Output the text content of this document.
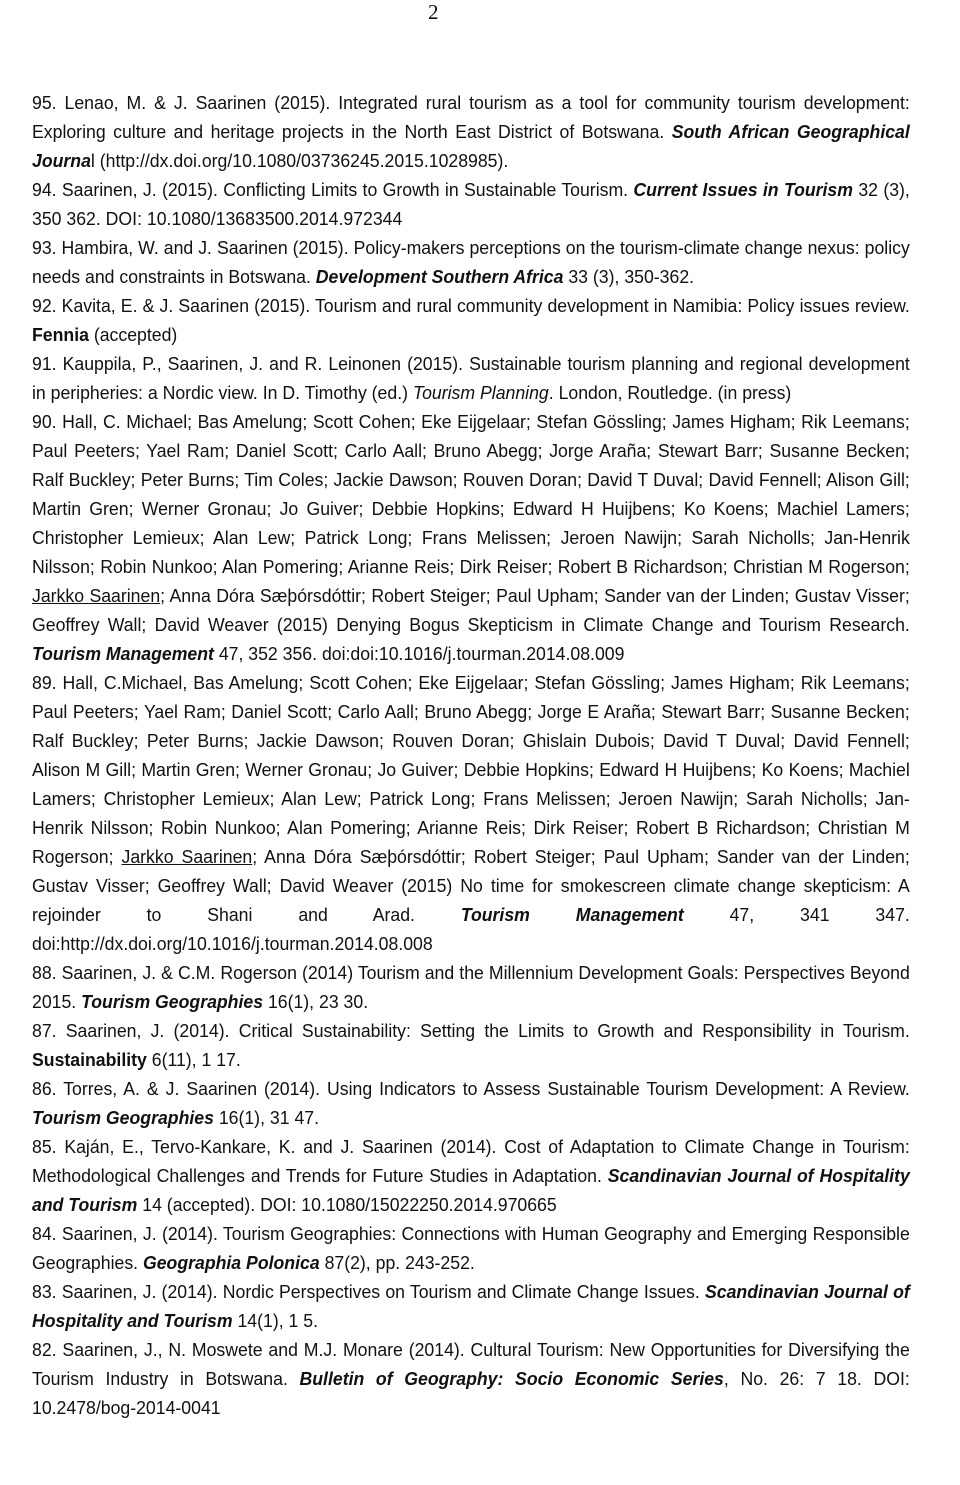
2
95. Lenao, M. & J. Saarinen (2015). Integrated rural tourism as a tool for community tourism development: Exploring culture and heritage projects in the North East District of Botswana. South African Geographical Journal (http://dx.doi.org/10.1080/03736245.2015.1028985).
94. Saarinen, J. (2015). Conflicting Limits to Growth in Sustainable Tourism. Current Issues in Tourism 32 (3), 350 362. DOI: 10.1080/13683500.2014.972344
93. Hambira, W. and J. Saarinen (2015). Policy-makers perceptions on the tourism-climate change nexus: policy needs and constraints in Botswana. Development Southern Africa 33 (3), 350-362.
92. Kavita, E. & J. Saarinen (2015). Tourism and rural community development in Namibia: Policy issues review. Fennia (accepted)
91. Kauppila, P., Saarinen, J. and R. Leinonen (2015). Sustainable tourism planning and regional development in peripheries: a Nordic view. In D. Timothy (ed.) Tourism Planning. London, Routledge. (in press)
90. Hall, C. Michael; Bas Amelung; Scott Cohen; Eke Eijgelaar; Stefan Gössling; James Higham; Rik Leemans; Paul Peeters; Yael Ram; Daniel Scott; Carlo Aall; Bruno Abegg; Jorge Araña; Stewart Barr; Susanne Becken; Ralf Buckley; Peter Burns; Tim Coles; Jackie Dawson; Rouven Doran; David T Duval; David Fennell; Alison Gill; Martin Gren; Werner Gronau; Jo Guiver; Debbie Hopkins; Edward H Huijbens; Ko Koens; Machiel Lamers; Christopher Lemieux; Alan Lew; Patrick Long; Frans Melissen; Jeroen Nawijn; Sarah Nicholls; Jan-Henrik Nilsson; Robin Nunkoo; Alan Pomering; Arianne Reis; Dirk Reiser; Robert B Richardson; Christian M Rogerson; Jarkko Saarinen; Anna Dóra Sæþórsdóttir; Robert Steiger; Paul Upham; Sander van der Linden; Gustav Visser; Geoffrey Wall; David Weaver (2015) Denying Bogus Skepticism in Climate Change and Tourism Research. Tourism Management 47, 352 356. doi:doi:10.1016/j.tourman.2014.08.009
89. Hall, C.Michael, Bas Amelung; Scott Cohen; Eke Eijgelaar; Stefan Gössling; James Higham; Rik Leemans; Paul Peeters; Yael Ram; Daniel Scott; Carlo Aall; Bruno Abegg; Jorge E Araña; Stewart Barr; Susanne Becken; Ralf Buckley; Peter Burns; Jackie Dawson; Rouven Doran; Ghislain Dubois; David T Duval; David Fennell; Alison M Gill; Martin Gren; Werner Gronau; Jo Guiver; Debbie Hopkins; Edward H Huijbens; Ko Koens; Machiel Lamers; Christopher Lemieux; Alan Lew; Patrick Long; Frans Melissen; Jeroen Nawijn; Sarah Nicholls; Jan-Henrik Nilsson; Robin Nunkoo; Alan Pomering; Arianne Reis; Dirk Reiser; Robert B Richardson; Christian M Rogerson; Jarkko Saarinen; Anna Dóra Sæþórsdóttir; Robert Steiger; Paul Upham; Sander van der Linden; Gustav Visser; Geoffrey Wall; David Weaver (2015) No time for smokescreen climate change skepticism: A rejoinder to Shani and Arad. Tourism Management 47, 341 347. doi:http://dx.doi.org/10.1016/j.tourman.2014.08.008
88. Saarinen, J. & C.M. Rogerson (2014) Tourism and the Millennium Development Goals: Perspectives Beyond 2015. Tourism Geographies 16(1), 23 30.
87. Saarinen, J. (2014). Critical Sustainability: Setting the Limits to Growth and Responsibility in Tourism. Sustainability 6(11), 1 17.
86. Torres, A. & J. Saarinen (2014). Using Indicators to Assess Sustainable Tourism Development: A Review. Tourism Geographies 16(1), 31 47.
85. Kaján, E., Tervo-Kankare, K. and J. Saarinen (2014). Cost of Adaptation to Climate Change in Tourism: Methodological Challenges and Trends for Future Studies in Adaptation. Scandinavian Journal of Hospitality and Tourism 14 (accepted). DOI: 10.1080/15022250.2014.970665
84. Saarinen, J. (2014). Tourism Geographies: Connections with Human Geography and Emerging Responsible Geographies. Geographia Polonica 87(2), pp. 243-252.
83. Saarinen, J. (2014). Nordic Perspectives on Tourism and Climate Change Issues. Scandinavian Journal of Hospitality and Tourism 14(1), 1 5.
82. Saarinen, J., N. Moswete and M.J. Monare (2014). Cultural Tourism: New Opportunities for Diversifying the Tourism Industry in Botswana. Bulletin of Geography: Socio Economic Series, No. 26: 7 18. DOI: 10.2478/bog-2014-0041
